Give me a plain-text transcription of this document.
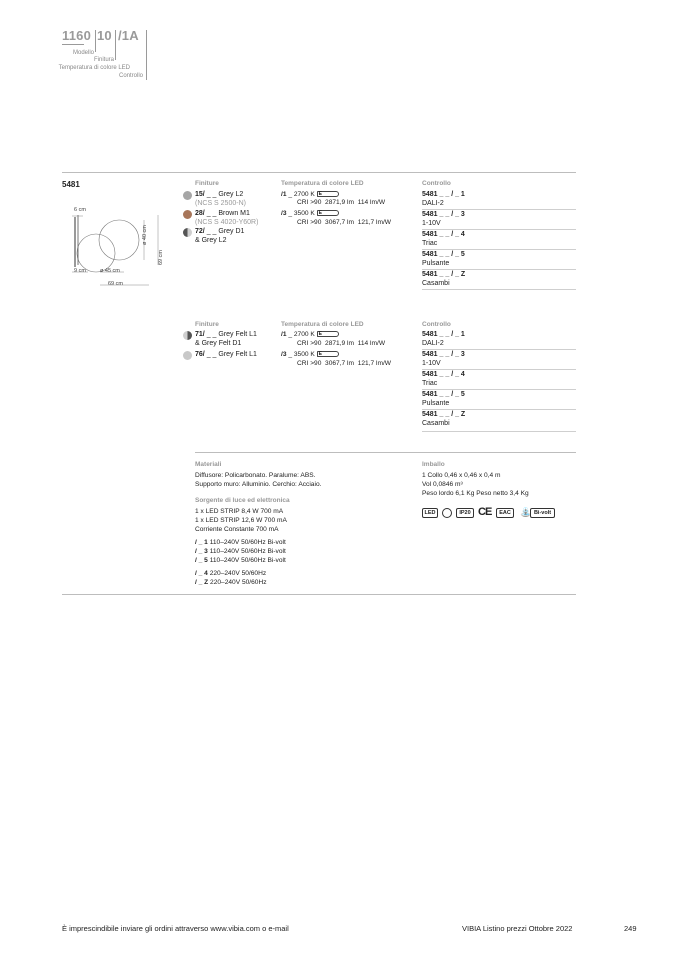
1160 10 /1A
Modello
Finitura
Temperatura di colore LED
Controllo
5481
6 cm
ø 40 cm
69 cm
9 cm	ø 45 cm
69 cm
Finiture
15/ _ _ Grey L2
(NCS S 2500-N)
28/ _ _ Brown M1
(NCS S 4020-Y60R)
72/ _ _ Grey D1
& Grey L2
Temperatura di colore LED
/1 _ 2700 K E
CRI >90 2871,9 lm 114 lm/W
/3 _ 3500 K E
CRI >90 3067,7 lm 121,7 lm/W
Controllo
5481 _ _ / _ 1
DALI-2
5481 _ _ / _ 3
1-10V
5481 _ _ / _ 4
Triac
5481 _ _ / _ 5
Pulsante
5481 _ _ / _ Z
Casambi
Finiture
71/ _ _ Grey Felt L1
& Grey Felt D1
76/ _ _ Grey Felt L1
Temperatura di colore LED
/1 _ 2700 K E
CRI >90 2871,9 lm 114 lm/W
/3 _ 3500 K E
CRI >90 3067,7 lm 121,7 lm/W
Controllo
5481 _ _ / _ 1
DALI-2
5481 _ _ / _ 3
1-10V
5481 _ _ / _ 4
Triac
5481 _ _ / _ 5
Pulsante
5481 _ _ / _ Z
Casambi
Materiali
Diffusore: Policarbonato. Paralume: ABS.
Supporto muro: Alluminio. Cerchio: Acciaio.
Sorgente di luce ed elettronica
1 x LED STRIP 8,4 W 700 mA
1 x LED STRIP 12,6 W 700 mA
Corriente Constante 700 mA
/ _ 1 110–240V 50/60Hz Bi-volt
/ _ 3 110–240V 50/60Hz Bi-volt
/ _ 5 110–240V 50/60Hz Bi-volt
/ _ 4 220–240V 50/60Hz
/ _ Z 220–240V 50/60Hz
Imballo
1 Collo 0,46 x 0,46 x 0,4 m
Vol 0,0846 m³
Peso lordo 6,1 Kg Peso netto 3,4 Kg
LED	IP20 CE	EAC	⛲ Bi-volt
È imprescindibile inviare gli ordini attraverso www.vibia.com o e-mail	VIBIA Listino prezzi Ottobre 2022	249
